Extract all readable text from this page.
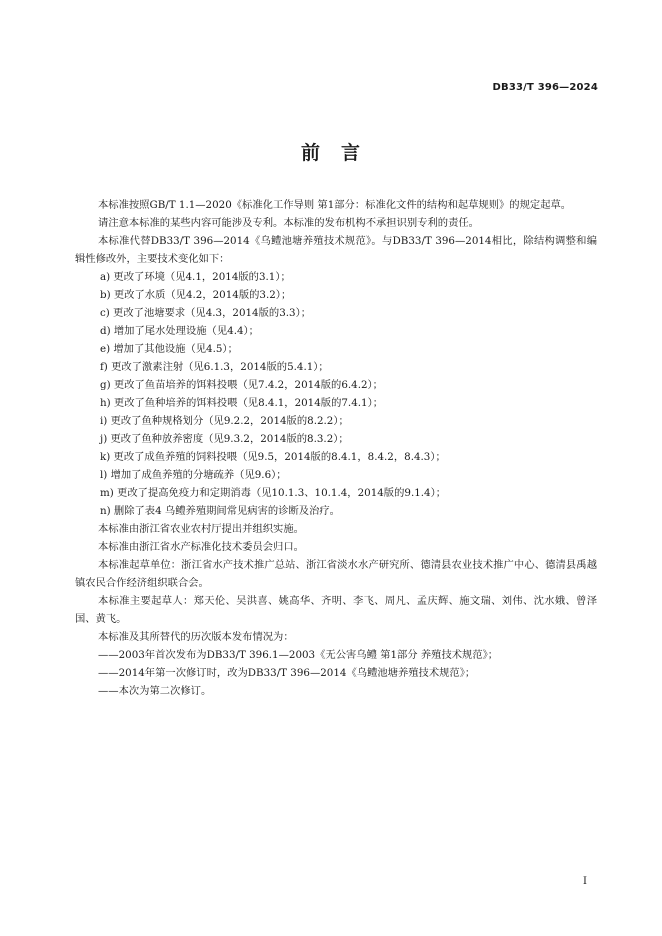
DB33/T 396—2024
前　言

本标准按照GB/T 1.1—2020《标准化工作导则 第1部分：标准化文件的结构和起草规则》的规定起草。

请注意本标准的某些内容可能涉及专利。本标准的发布机构不承担识别专利的责任。

本标准代替DB33/T 396—2014《乌鳢池塘养殖技术规范》。与DB33/T 396—2014相比，除结构调整和编辑性修改外，主要技术变化如下：

a) 更改了环境（见4.1，2014版的3.1）；

b) 更改了水质（见4.2，2014版的3.2）；

c) 更改了池塘要求（见4.3，2014版的3.3）；

d) 增加了尾水处理设施（见4.4）；

e) 增加了其他设施（见4.5）；

f) 更改了激素注射（见6.1.3，2014版的5.4.1）；

g) 更改了鱼苗培养的饵料投喂（见7.4.2，2014版的6.4.2）；

h) 更改了鱼种培养的饵料投喂（见8.4.1，2014版的7.4.1）；

i) 更改了鱼种规格划分（见9.2.2，2014版的8.2.2）；

j) 更改了鱼种放养密度（见9.3.2，2014版的8.3.2）；

k) 更改了成鱼养殖的饲料投喂（见9.5，2014版的8.4.1，8.4.2，8.4.3）；

l) 增加了成鱼养殖的分塘疏养（见9.6）；

m) 更改了提高免疫力和定期消毒（见10.1.3、10.1.4，2014版的9.1.4）；

n) 删除了表4 乌鳢养殖期间常见病害的诊断及治疗。

本标准由浙江省农业农村厅提出并组织实施。

本标准由浙江省水产标准化技术委员会归口。

本标准起草单位：浙江省水产技术推广总站、浙江省淡水水产研究所、德清县农业技术推广中心、德清县禹越镇农民合作经济组织联合会。

本标准主要起草人：郑天伦、吴洪喜、姚高华、齐明、李飞、周凡、孟庆辉、施文瑞、刘伟、沈水娥、曾泽国、黄飞。

本标准及其所替代的历次版本发布情况为：

——2003年首次发布为DB33/T 396.1—2003《无公害乌鳢 第1部分 养殖技术规范》；

——2014年第一次修订时，改为DB33/T 396—2014《乌鳢池塘养殖技术规范》；

——本次为第二次修订。

I
